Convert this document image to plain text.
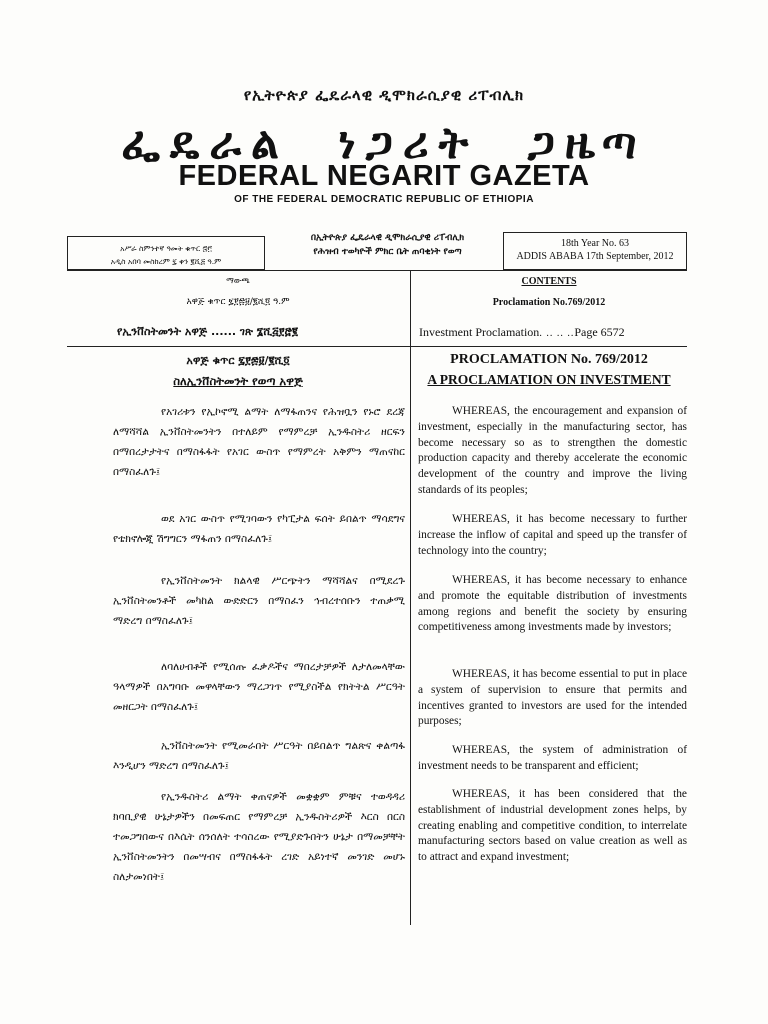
የኢትዮጵያ ፌዴራላዊ ዲሞክራሲያዊ ሪፐብሊክ
ፌዴራል ነጋሪት ጋዜጣ
FEDERAL NEGARIT GAZETA
OF THE FEDERAL DEMOCRATIC REPUBLIC OF ETHIOPIA
አሥራ ስምንተኛ ዓመት ቁጥር ፷፫
አዲስ አበባ መስከረም ፯ ቀን ፪ሺ፭ ዓ.ም
በኢትዮጵያ ፌዴራላዊ ዲሞክራሲያዊ ሪፐብሊክ
የሕዝብ ተወካዮች ምክር ቤት ጠባቂነት የወጣ
18th Year No. 63
ADDIS ABABA 17th September, 2012
ማውጫ	CONTENTS
አዋጅ ቁጥር ፯፻፷፱/፪ሺ፬ ዓ.ም	Proclamation No.769/2012
የኢንቨስትመንት አዋጅ ...... ገጽ ፮ሺ፭፻፸፪	Investment Proclamation. .. .. ..Page 6572
አዋጅ ቁጥር ፯፻፷፱/፪ሺ፬
ስለኢንቨስትመንት የወጣ አዋጅ
PROCLAMATION No. 769/2012
A PROCLAMATION ON INVESTMENT
የአገሪቱን የኢኮኖሚ ልማት ለማፋጠንና የሕዝቧን የኑሮ ደረጃ ለማሻሻል ኢንቨስትመንትን በተለይም የማምረቻ ኢንዱስትሪ ዘርፍን በማበረታታትና በማስፋፋት የአገር ውስጥ የማምረት አቅምን ማጠናከር በማስፈለጉ፤
ወደ አገር ውስጥ የሚገባውን የካፒታል ፍሰት ይበልጥ ማሳደግና የቴክኖሎጂ ሽግግርን ማፋጠን በማስፈለጉ፤
የኢንቨስትመንት ክልላዊ ሥርጭትን ማሻሻልና በሚደረጉ ኢንቨስትመንቶች መካከል ውድድርን በማስፈን ኅብረተሰቡን ተጠቃሚ ማድረግ በማስፈለጉ፤
ለባለሀብቶች የሚሰጡ ፈቃዶችና ማበረታቻዎች ለታለመላቸው ዓላማዎች በአግባቡ መዋላቸውን ማረጋገጥ የሚያስችል የክትትል ሥርዓት መዘርጋት በማስፈለጉ፤
ኢንቨስትመንት የሚመራበት ሥርዓት በይበልጥ ግልጽና ቀልጣፋ እንዲሆን ማድረግ በማስፈለጉ፤
የኢንዱስትሪ ልማት ቀጠናዎች መቋቋም ምቹና ተወዳዳሪ ክባቢያዊ ሁኔታዎችን በመፍጠር የማምረቻ ኢንዱስትሪዎች እርስ በርስ ተመጋግበውና በእሴት ሰንሰለት ተሳስረው የሚያድጉበትን ሁኔታ በማመቻቸት ኢንቨስትመንትን በመሣብና በማስፋፋት ረገድ አይነተኛ መንገድ መሆኑ ስለታመነበት፤
WHEREAS, the encouragement and expansion of investment, especially in the manufacturing sector, has become necessary so as to strengthen the domestic production capacity and thereby accelerate the economic development of the country and improve the living standards of its peoples;
WHEREAS, it has become necessary to further increase the inflow of capital and speed up the transfer of technology into the country;
WHEREAS, it has become necessary to enhance and promote the equitable distribution of investments among regions and benefit the society by ensuring competitiveness among investments made by investors;
WHEREAS, it has become essential to put in place a system of supervision to ensure that permits and incentives granted to investors are used for the intended purposes;
WHEREAS, the system of administration of investment needs to be transparent and efficient;
WHEREAS, it has been considered that the establishment of industrial development zones helps, by creating enabling and competitive condition, to interrelate manufacturing sectors based on value creation as well as to attract and expand investment;
